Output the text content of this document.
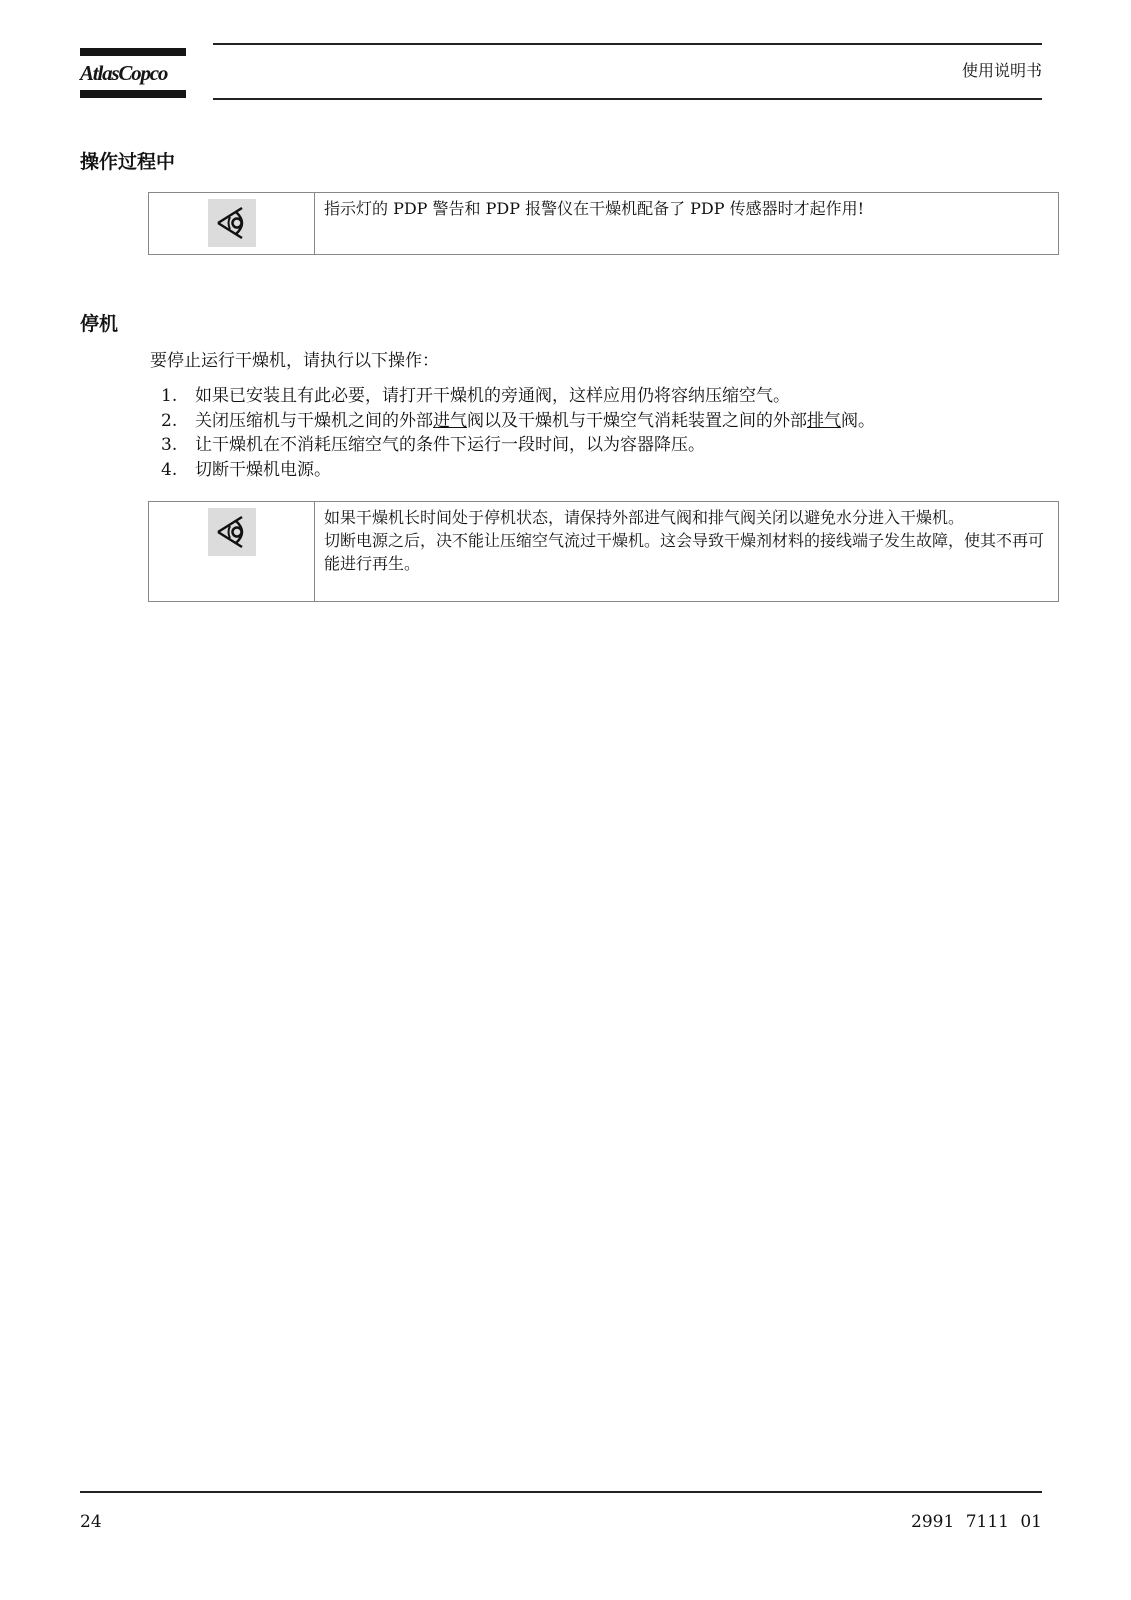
AtlasCopco	使用说明书
操作过程中
指示灯的 PDP 警告和 PDP 报警仪在干燥机配备了 PDP 传感器时才起作用!
停机
要停止运行干燥机，请执行以下操作：
1. 如果已安装且有此必要，请打开干燥机的旁通阀，这样应用仍将容纳压缩空气。
2. 关闭压缩机与干燥机之间的外部进气阀以及干燥机与干燥空气消耗装置之间的外部排气阀。
3. 让干燥机在不消耗压缩空气的条件下运行一段时间，以为容器降压。
4. 切断干燥机电源。

如果干燥机长时间处于停机状态，请保持外部进气阀和排气阀关闭以避免水分进入干燥机。

切断电源之后，决不能让压缩空气流过干燥机。这会导致干燥剂材料的接线端子发生故障，使其不再可能进行再生。

24	2991 7111 01
